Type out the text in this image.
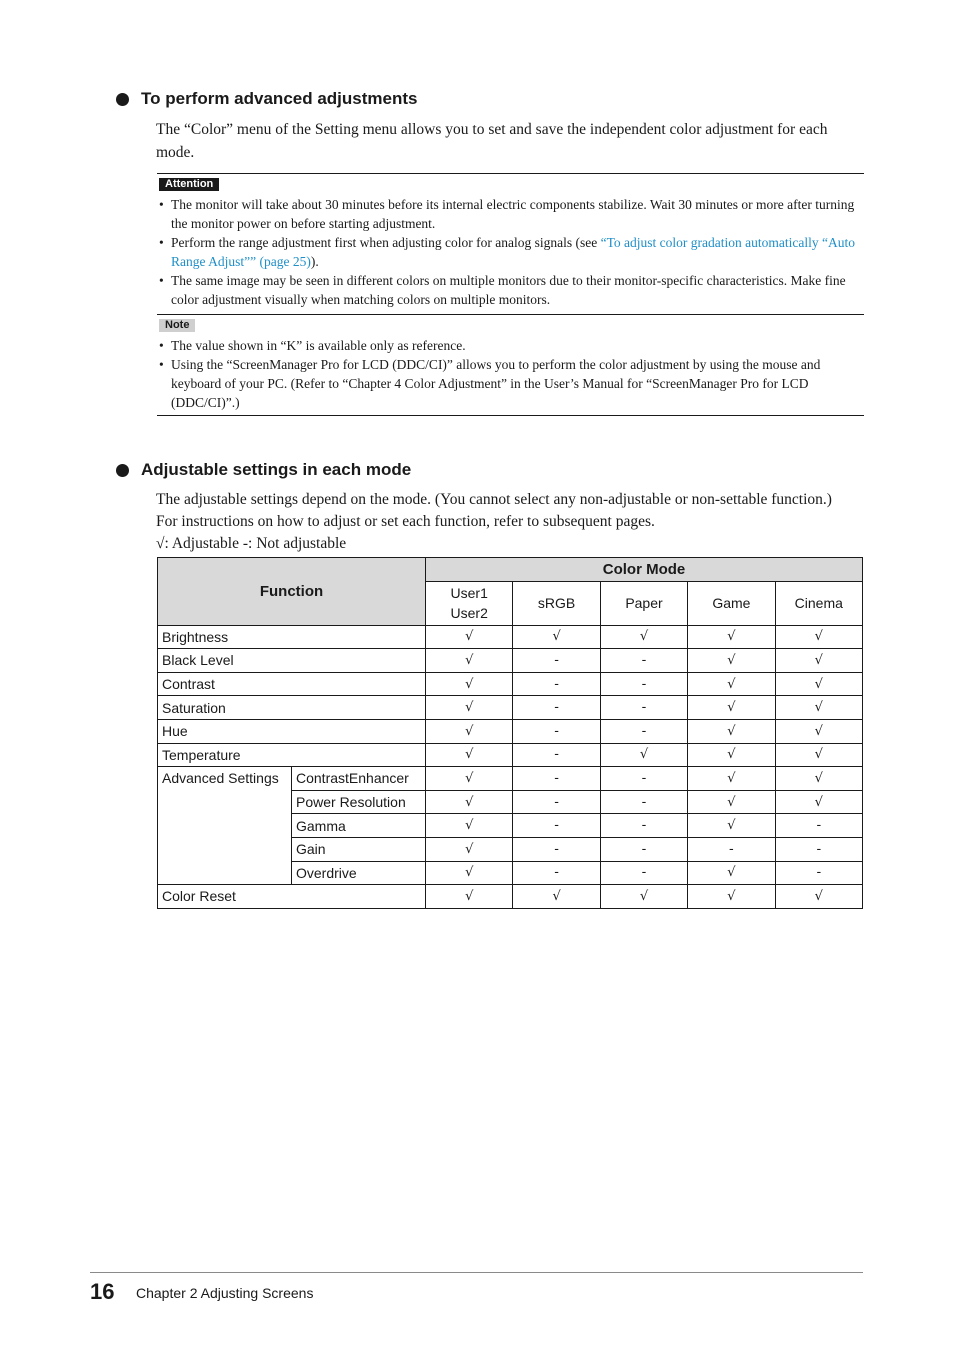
To perform advanced adjustments

The “Color” menu of the Setting menu allows you to set and save the independent color adjustment for each mode.

Attention
• The monitor will take about 30 minutes before its internal electric components stabilize. Wait 30 minutes or more after turning the monitor power on before starting adjustment.
• Perform the range adjustment first when adjusting color for analog signals (see “To adjust color gradation automatically “Auto Range Adjust”” (page 25)).
• The same image may be seen in different colors on multiple monitors due to their monitor-specific characteristics. Make fine color adjustment visually when matching colors on multiple monitors.
Note
• The value shown in “K” is available only as reference.
• Using the “ScreenManager Pro for LCD (DDC/CI)” allows you to perform the color adjustment by using the mouse and keyboard of your PC. (Refer to “Chapter 4 Color Adjustment” in the User’s Manual for “ScreenManager Pro for LCD (DDC/CI)”.)
Adjustable settings in each mode

The adjustable settings depend on the mode. (You cannot select any non-adjustable or non-settable function.)
For instructions on how to adjust or set each function, refer to subsequent pages.
√: Adjustable -: Not adjustable

Function		Color Mode				
		User1
User2	sRGB	Paper	Game	Cinema
Brightness		√	√	√	√	√
Black Level		√	-	-	√	√
Contrast		√	-	-	√	√
Saturation		√	-	-	√	√
Hue		√	-	-	√	√
Temperature		√	-	√	√	√
Advanced Settings	ContrastEnhancer	√	-	-	√	√
	Power Resolution	√	-	-	√	√
	Gamma	√	-	-	√	-
	Gain	√	-	-	-	-
	Overdrive	√	-	-	√	-
Color Reset		√	√	√	√	√
16 Chapter 2 Adjusting Screens
